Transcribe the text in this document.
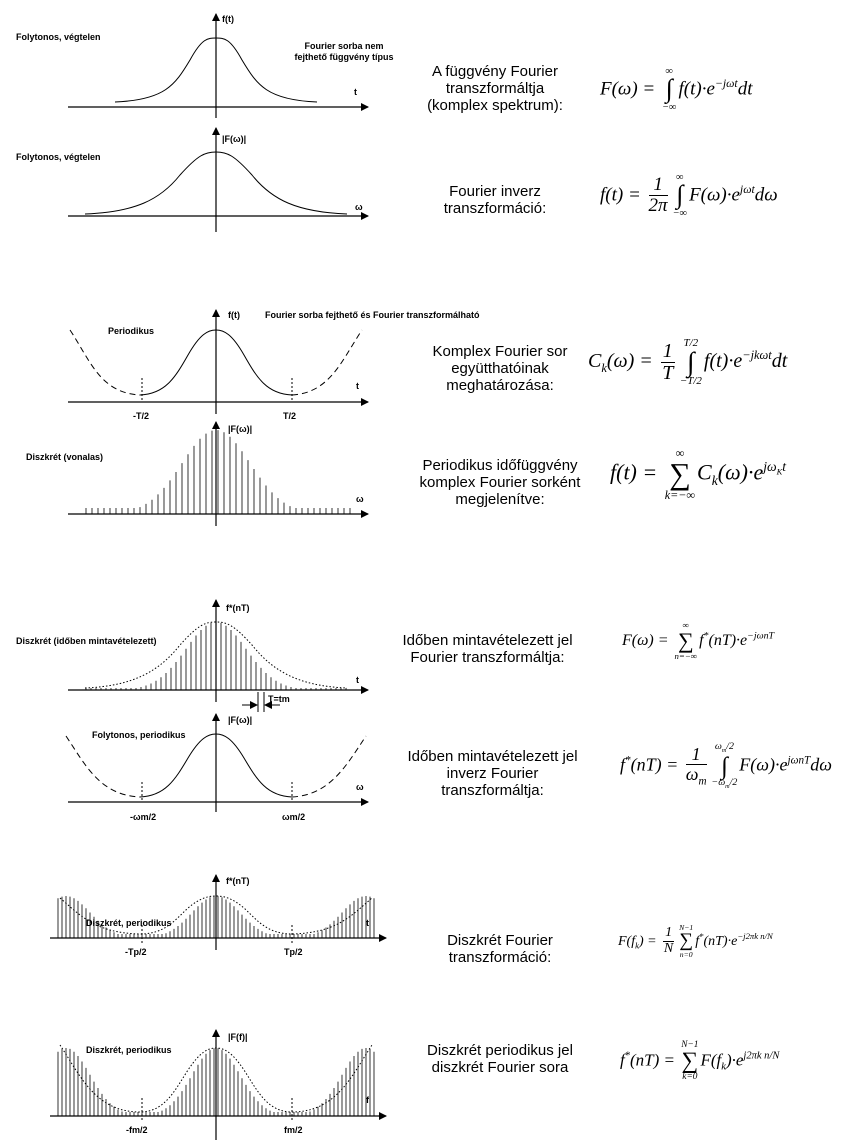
f(t)
t
|F(ω)|
ω
f(t)
t
-T/2	T/2
|F(ω)|
ω
T=tm
f*(nT)
t
|F(ω)|
ω
-ωm/2	ωm/2
f*(nT)
t
-Tp/2	Tp/2
|F(f)|
f
-fm/2	fm/2
Folytonos, végtelen
Fourier sorba nem fejthető függvény típus
Folytonos, végtelen
Fourier sorba fejthető és Fourier transzformálható
Periodikus
Diszkrét (vonalas)
Diszkrét (időben mintavételezett)
Folytonos, periodikus
Diszkrét, periodikus
Diszkrét, periodikus
A függvény Fourier transzformáltja (komplex spektrum):
Fourier inverz transzformáció:
Komplex Fourier sor együtthatóinak meghatározása:
Periodikus időfüggvény komplex Fourier sorként megjelenítve:
Időben mintavételezett jel Fourier transzformáltja:
Időben mintavételezett jel inverz Fourier transzformáltja:
Diszkrét Fourier transzformáció:
Diszkrét periodikus jel diszkrét Fourier sora
F(ω) = ∞
∫
$-\infty f(t)\cdot e^{-j\omega t}dt$
$f(t) = \frac{1}{2\pi}$ ∞
∫
$-\infty F(\omega)\cdot e^{j\omega t}d\omega$
$C_k(\omega) = \frac{1}{T} T/2$
∫
$-T/2f(t)\cdot e^{-jk\omega t}dt$
f(t) = ∞
∑
$k=-\infty C_k(\omega)\cdot e^{j\omega_Kt}$
F(ω) = ∞
∑
$n=-\infty f^*(nT)\cdot e^{-j\omega nT}$
$f^*(nT) = \frac{1}{\omega_m} \omega_m/2$
∫
$-\omega_m/2F(\omega)\cdot e^{j\omega nT}d\omega$
$F(f_k) = \frac{1}{N} N-1$
∑
$n=0f^*(nT)\cdot e^{-j2\pi k n/N}$
f*(nT) = N−1
∑
$k=0F(f_k)\cdot e^{j2\pi k n/N}$
